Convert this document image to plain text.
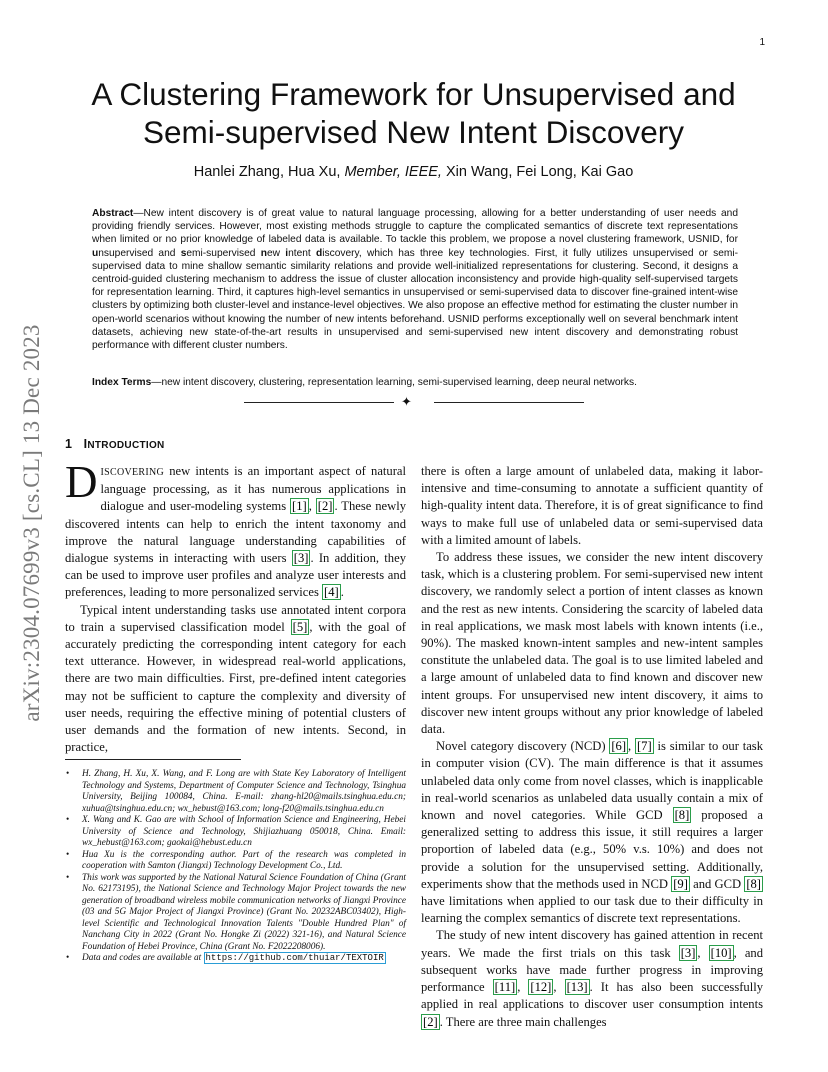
1
arXiv:2304.07699v3 [cs.CL] 13 Dec 2023
A Clustering Framework for Unsupervised and Semi-supervised New Intent Discovery
Hanlei Zhang, Hua Xu, Member, IEEE, Xin Wang, Fei Long, Kai Gao
Abstract—New intent discovery is of great value to natural language processing, allowing for a better understanding of user needs and providing friendly services. However, most existing methods struggle to capture the complicated semantics of discrete text representations when limited or no prior knowledge of labeled data is available. To tackle this problem, we propose a novel clustering framework, USNID, for unsupervised and semi-supervised new intent discovery, which has three key technologies. First, it fully utilizes unsupervised or semi-supervised data to mine shallow semantic similarity relations and provide well-initialized representations for clustering. Second, it designs a centroid-guided clustering mechanism to address the issue of cluster allocation inconsistency and provide high-quality self-supervised targets for representation learning. Third, it captures high-level semantics in unsupervised or semi-supervised data to discover fine-grained intent-wise clusters by optimizing both cluster-level and instance-level objectives. We also propose an effective method for estimating the cluster number in open-world scenarios without knowing the number of new intents beforehand. USNID performs exceptionally well on several benchmark intent datasets, achieving new state-of-the-art results in unsupervised and semi-supervised new intent discovery and demonstrating robust performance with different cluster numbers.
Index Terms—new intent discovery, clustering, representation learning, semi-supervised learning, deep neural networks.
✦
1 INTRODUCTION

DISCOVERING new intents is an important aspect of natural language processing, as it has numerous applications in dialogue and user-modeling systems [1] , [2] . These newly discovered intents can help to enrich the intent taxonomy and improve the natural language understanding capabilities of dialogue systems in interacting with users [3] . In addition, they can be used to improve user profiles and analyze user interests and preferences, leading to more personalized services [4] .

Typical intent understanding tasks use annotated intent corpora to train a supervised classification model [5] , with the goal of accurately predicting the corresponding intent category for each text utterance. However, in widespread real-world applications, there are two main difficulties. First, pre-defined intent categories may not be sufficient to capture the complexity and diversity of user needs, requiring the effective mining of potential clusters of user demands and the formation of new intents. Second, in practice,

• H. Zhang, H. Xu, X. Wang, and F. Long are with State Key Laboratory of Intelligent Technology and Systems, Department of Computer Science and Technology, Tsinghua University, Beijing 100084, China. E-mail: zhang-hl20@mails.tsinghua.edu.cn; xuhua@tsinghua.edu.cn; wx_hebust@163.com; long-f20@mails.tsinghua.edu.cn
• X. Wang and K. Gao are with School of Information Science and Engineering, Hebei University of Science and Technology, Shijiazhuang 050018, China. Email: wx_hebust@163.com; gaokai@hebust.edu.cn
• Hua Xu is the corresponding author. Part of the research was completed in cooperation with Samton (Jiangxi) Technology Development Co., Ltd.
• This work was supported by the National Natural Science Foundation of China (Grant No. 62173195), the National Science and Technology Major Project towards the new generation of broadband wireless mobile communication networks of Jiangxi Province (03 and 5G Major Project of Jiangxi Province) (Grant No. 20232ABC03402), High-level Scientific and Technological Innovation Talents "Double Hundred Plan" of Nanchang City in 2022 (Grant No. Hongke Zi (2022) 321-16), and Natural Science Foundation of Hebei Province, China (Grant No. F2022208006).
• Data and codes are available at https://github.com/thuiar/TEXTOIR

there is often a large amount of unlabeled data, making it labor-intensive and time-consuming to annotate a sufficient quantity of high-quality intent data. Therefore, it is of great significance to find ways to make full use of unlabeled data or semi-supervised data with a limited amount of labels.

To address these issues, we consider the new intent discovery task, which is a clustering problem. For semi-supervised new intent discovery, we randomly select a portion of intent classes as known and the rest as new intents. Considering the scarcity of labeled data in real applications, we mask most labels with known intents (i.e., 90%). The masked known-intent samples and new-intent samples constitute the unlabeled data. The goal is to use limited labeled and a large amount of unlabeled data to find known and discover new intent groups. For unsupervised new intent discovery, it aims to discover new intent groups without any prior knowledge of labeled data.

Novel category discovery (NCD) [6] , [7] is similar to our task in computer vision (CV). The main difference is that it assumes unlabeled data only come from novel classes, which is inapplicable in real-world scenarios as unlabeled data usually contain a mix of known and novel categories. While GCD [8] proposed a generalized setting to address this issue, it still requires a larger proportion of labeled data (e.g., 50% v.s. 10%) and does not provide a solution for the unsupervised setting. Additionally, experiments show that the methods used in NCD [9] and GCD [8] have limitations when applied to our task due to their difficulty in learning the complex semantics of discrete text representations.

The study of new intent discovery has gained attention in recent years. We made the first trials on this task [3] , [10] , and subsequent works have made further progress in improving performance [11] , [12] , [13] . It has also been successfully applied in real applications to discover user consumption intents [2] . There are three main challenges
